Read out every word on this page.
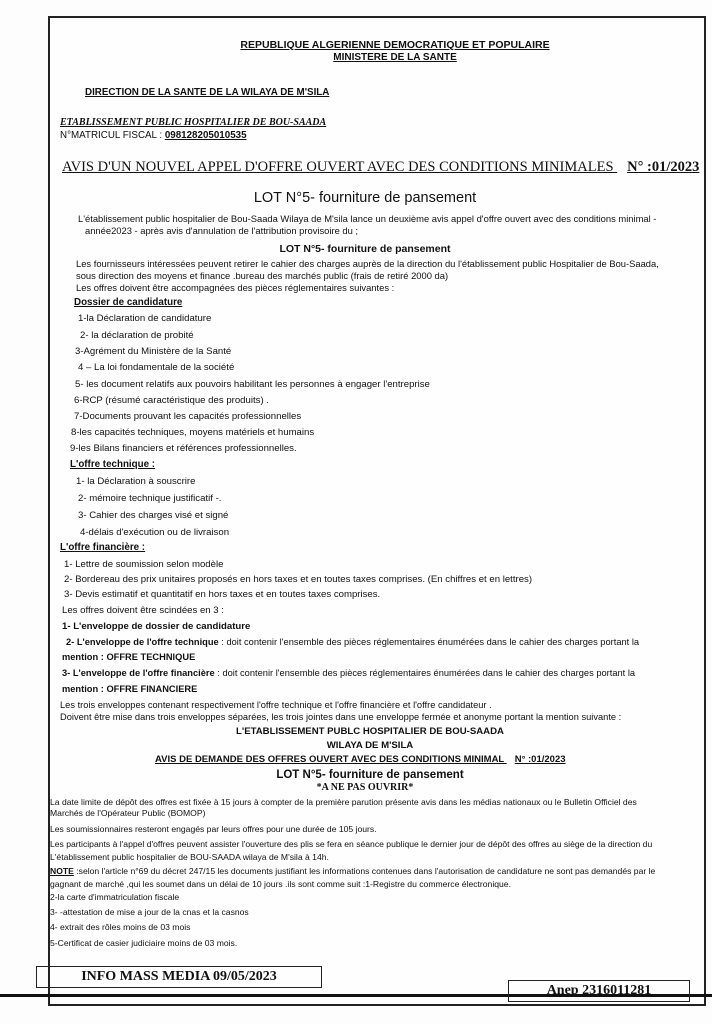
REPUBLIQUE ALGERIENNE DEMOCRATIQUE ET POPULAIRE
MINISTERE DE LA SANTE
DIRECTION DE LA SANTE DE LA WILAYA DE M'SILA
ETABLISSEMENT PUBLIC HOSPITALIER DE BOU-SAADA
N°MATRICUL FISCAL : 098128205010535
AVIS D'UN NOUVEL APPEL D'OFFRE OUVERT AVEC DES CONDITIONS MINIMALES N° :01/2023
LOT N°5- fourniture de pansement
L'établissement public hospitalier de Bou-Saada Wilaya de M'sila lance un deuxième avis appel d'offre ouvert avec des conditions minimal -
année2023 - après avis d'annulation de l'attribution provisoire du ;
LOT N°5- fourniture de pansement
Les fournisseurs intéressées peuvent retirer le cahier des charges auprès de la direction du l'établissement public Hospitalier de Bou-Saada,
sous direction des moyens et finance .bureau des marchés public (frais de retiré 2000 da)
Les offres doivent être accompagnées des pièces réglementaires suivantes :
Dossier de candidature
1-la Déclaration de candidature
2- la déclaration de probité
3-Agrément du Ministère de la Santé
4 – La loi fondamentale de la société
5- les document relatifs aux pouvoirs habilitant les personnes à engager l'entreprise
6-RCP (résumé caractéristique des produits) .
7-Documents prouvant les capacités professionnelles
8-les capacités techniques, moyens matériels et humains
9-les Bilans financiers et références professionnelles.
L'offre technique :
1- la Déclaration à souscrire
2- mémoire technique justificatif -.
3- Cahier des charges visé et signé
4-délais d'exécution ou de livraison
L'offre financière :
1- Lettre de soumission selon modèle
2- Bordereau des prix unitaires proposés en hors taxes et en toutes taxes comprises. (En chiffres et en lettres)
3- Devis estimatif et quantitatif en hors taxes et en toutes taxes comprises.
Les offres doivent être scindées en 3 :
1- L'enveloppe de dossier de candidature
2- L'enveloppe de l'offre technique : doit contenir l'ensemble des pièces réglementaires énumérées dans le cahier des charges portant la
mention : OFFRE TECHNIQUE
3- L'enveloppe de l'offre financière : doit contenir l'ensemble des pièces réglementaires énumérées dans le cahier des charges portant la
mention : OFFRE FINANCIERE
Les trois enveloppes contenant respectivement l'offre technique et l'offre financière et l'offre candidateur .
Doivent être mise dans trois enveloppes séparées, les trois jointes dans une enveloppe fermée et anonyme portant la mention suivante :
L'ETABLISSEMENT PUBLC HOSPITALIER DE BOU-SAADA
WILAYA DE M'SILA
AVIS DE DEMANDE DES OFFRES OUVERT AVEC DES CONDITIONS MINIMAL N° :01/2023
LOT N°5- fourniture de pansement
*A NE PAS OUVRIR*
La date limite de dépôt des offres est fixée à 15 jours à compter de la première parution présente avis dans les médias nationaux ou le Bulletin Officiel des
Marchés de l'Opérateur Public (BOMOP)
Les soumissionnaires resteront engagés par leurs offres pour une durée de 105 jours.
Les participants à l'appel d'offres peuvent assister l'ouverture des plis se fera en séance publique le dernier jour de dépôt des offres au siège de la direction du
L'établissement public hospitalier de BOU-SAADA wilaya de M'sila à 14h.
NOTE :selon l'article n°69 du décret 247/15 les documents justifiant les informations contenues dans l'autorisation de candidature ne sont pas demandés par le
gagnant de marché ,qui les soumet dans un délai de 10 jours .ils sont comme suit :1-Registre du commerce électronique.
2-la carte d'immatriculation fiscale
3- -attestation de mise a jour de la cnas et la casnos
4- extrait des rôles moins de 03 mois
5-Certificat de casier judiciaire moins de 03 mois.
INFO MASS MEDIA 09/05/2023
Anep 2316011281
